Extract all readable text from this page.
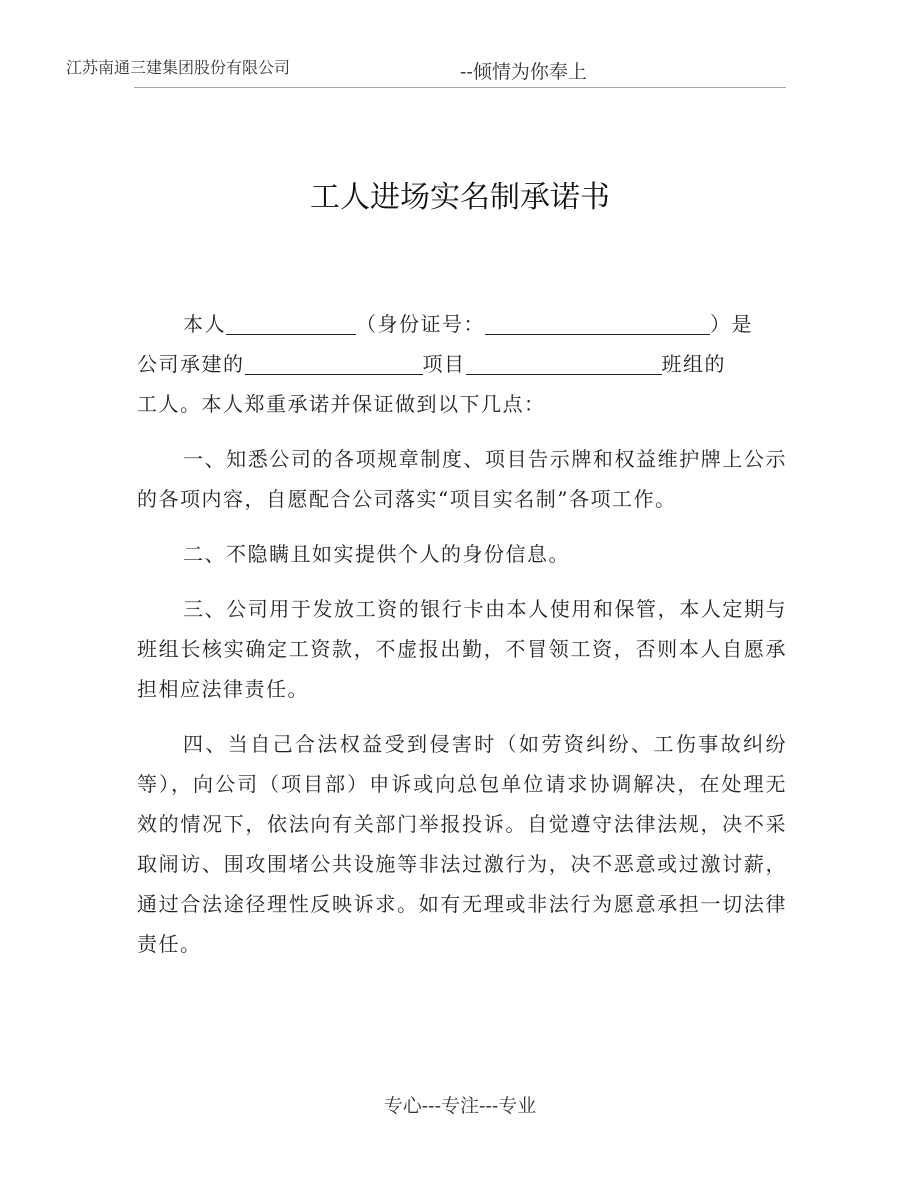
江苏南通三建集团股份有限公司	--倾情为你奉上
工人进场实名制承诺书

本人	（身份证号：	）是
公司承建的	项目	班组的
工人。本人郑重承诺并保证做到以下几点：

一、知悉公司的各项规章制度、项目告示牌和权益维护牌上公示的各项内容，自愿配合公司落实“项目实名制”各项工作。

二、不隐瞒且如实提供个人的身份信息。

三、公司用于发放工资的银行卡由本人使用和保管，本人定期与班组长核实确定工资款，不虚报出勤，不冒领工资，否则本人自愿承担相应法律责任。

四、当自己合法权益受到侵害时（如劳资纠纷、工伤事故纠纷等），向公司（项目部）申诉或向总包单位请求协调解决，在处理无效的情况下，依法向有关部门举报投诉。自觉遵守法律法规，决不采取闹访、围攻围堵公共设施等非法过激行为，决不恶意或过激讨薪，通过合法途径理性反映诉求。如有无理或非法行为愿意承担一切法律责任。

专心---专注---专业
